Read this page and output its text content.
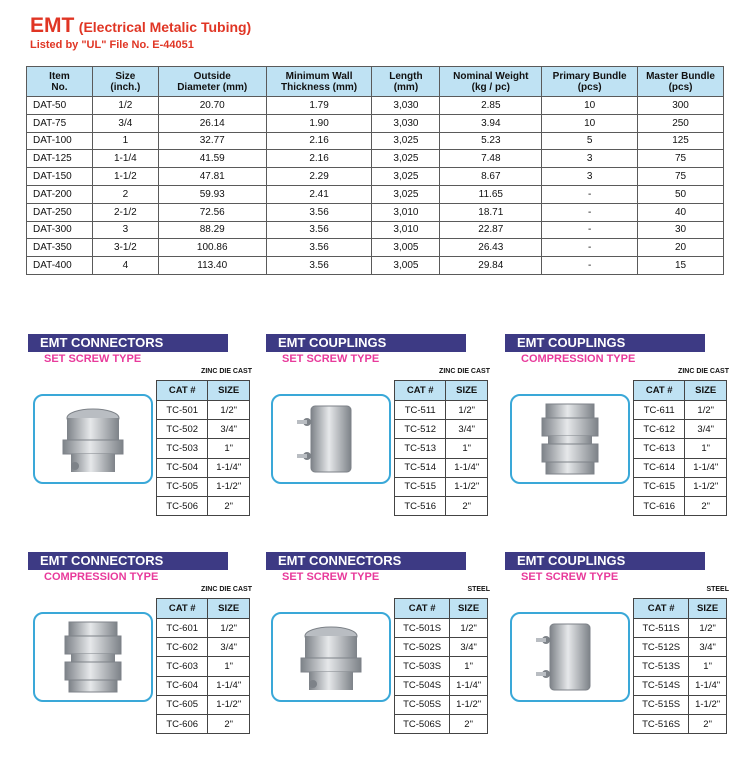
EMT (Electrical Metalic Tubing)
Listed by "UL" File No. E-44051
Item
No.	Size
(inch.)	Outside
Diameter (mm)	Minimum Wall
Thickness (mm)	Length
(mm)	Nominal Weight
(kg / pc)	Primary Bundle
(pcs)	Master Bundle
(pcs)
DAT-50	1/2	20.70	1.79	3,030	2.85	10	300
DAT-75	3/4	26.14	1.90	3,030	3.94	10	250
DAT-100	1	32.77	2.16	3,025	5.23	5	125
DAT-125	1-1/4	41.59	2.16	3,025	7.48	3	75
DAT-150	1-1/2	47.81	2.29	3,025	8.67	3	75
DAT-200	2	59.93	2.41	3,025	11.65	-	50
DAT-250	2-1/2	72.56	3.56	3,010	18.71	-	40
DAT-300	3	88.29	3.56	3,010	22.87	-	30
DAT-350	3-1/2	100.86	3.56	3,005	26.43	-	20
DAT-400	4	113.40	3.56	3,005	29.84	-	15
EMT CONNECTORS
SET SCREW TYPE
ZINC DIE CAST
CAT #	SIZE
TC-501	1/2"
TC-502	3/4"
TC-503	1"
TC-504	1-1/4"
TC-505	1-1/2"
TC-506	2"
EMT COUPLINGS
SET SCREW TYPE
ZINC DIE CAST
CAT #	SIZE
TC-511	1/2"
TC-512	3/4"
TC-513	1"
TC-514	1-1/4"
TC-515	1-1/2"
TC-516	2"
EMT COUPLINGS
COMPRESSION TYPE
ZINC DIE CAST
CAT #	SIZE
TC-611	1/2"
TC-612	3/4"
TC-613	1"
TC-614	1-1/4"
TC-615	1-1/2"
TC-616	2"
EMT CONNECTORS
COMPRESSION TYPE
ZINC DIE CAST
CAT #	SIZE
TC-601	1/2"
TC-602	3/4"
TC-603	1"
TC-604	1-1/4"
TC-605	1-1/2"
TC-606	2"
EMT CONNECTORS
SET SCREW TYPE
STEEL
CAT #	SIZE
TC-501S	1/2"
TC-502S	3/4"
TC-503S	1"
TC-504S	1-1/4"
TC-505S	1-1/2"
TC-506S	2"
EMT COUPLINGS
SET SCREW TYPE
STEEL
CAT #	SIZE
TC-511S	1/2"
TC-512S	3/4"
TC-513S	1"
TC-514S	1-1/4"
TC-515S	1-1/2"
TC-516S	2"
